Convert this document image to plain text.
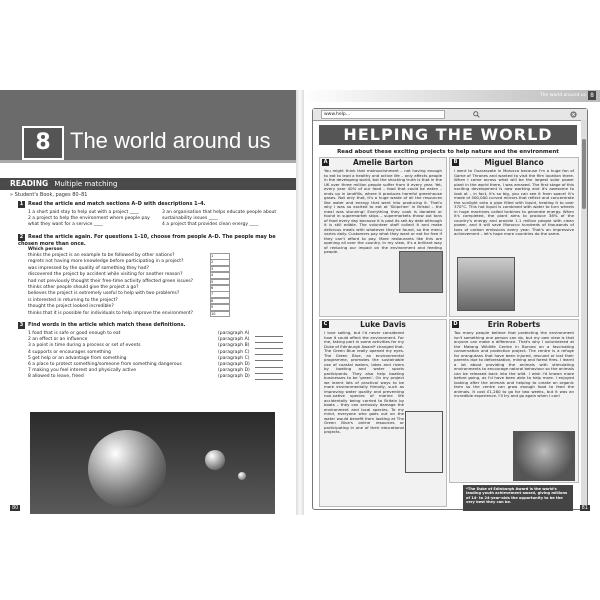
8 The world around us
READING Multiple matching
» Student's Book, pages 80–81
1 Read the article and match sections A–D with descriptions 1–4.
1 a short paid stay to help out with a project ____
2 a project to help the environment where people pay what they want for a service ____
3 an organisation that helps educate people about sustainability issues ____
4 a project that provides clean energy ____
2 Read the article again. For questions 1–10, choose from people A–D. The people may be chosen more than once.
Which person
thinks the project is an example to be followed by other nations?	1
regrets not having more knowledge before participating in a project?	2
was impressed by the quality of something they had?	3
discovered the project by accident while visiting for another reason?	4
had not previously thought their free-time activity affected green issues?	5
thinks other people should give the project a go?	6
believes the project is extremely useful to help with two problems?	7
is interested in returning to the project?	8
thought the project looked incredible?	9
thinks that it is possible for individuals to help improve the environment?	10
3 Find words in the article which match these definitions.
1 food that is safe or good enough to eat	(paragraph A)
2 an effect or an influence	(paragraph A)
3 a point in time during a process or set of events	(paragraph B)
4 supports or encourages something	(paragraph C)
5 get help or an advantage from something	(paragraph C)
6 a place to protect something/someone from something dangerous	(paragraph D)
7 making you feel interest and physically active	(paragraph D)
8 allowed to leave, freed	(paragraph D)
80
The world around us 8
www.help...
HELPING THE WORLD
Read about these exciting projects to help nature and the environment
A	Amelie Barton

You might think that malnourishment – not having enough to eat to lead a healthy and active life – only affects people in the developing world, but the shocking truth is that in the UK over three million people suffer from it every year. Yet, every year 40% of our food – food that could be eaten – ends up in landfills, where it produces harmful greenhouse gases. Not only that, it's a huge waste of all the resources like water and energy that went into producing it. That's why I was so excited to eat at 'Skipchen' in Bristol – the meal was stunning! Everything they cook is donated or found in supermarket skips – supermarkets throw out tons of food every day because it is past its sell-by date although it is still edible. The volunteer staff collect it and make delicious meals with whatever they've found, so the menu varies daily. Customers pay what they want or eat for free if they can't afford to pay. More restaurants like this are opening all over the country. In my view, it's a brilliant way of reducing our impact on the environment and feeding people.

B	Miguel Blanco

I went to Ouarzazate in Morocco because I'm a huge fan of Game of Thrones and wanted to visit the film location there. When I came across what will be the largest solar power plant in the world there, I was amazed. The first stage of this exciting development is now working and it's awesome to look at – in fact, it's so big, you can see it from space! It's made of 500,000 curved mirrors that reflect and concentrate the sunlight onto a pipe filled with liquid, heating it to over 370°C. This hot liquid is combined with water to turn wheels in huge machines called turbines to generate energy. When it's completed, the plant aims to produce 38% of the country's energy and provide 1.1 million people with clean power, and it will save Morocco hundreds of thousands of tons of carbon emissions every year. That's an impressive achievement – let's hope more countries do the same.

C	Luke Davis

I love sailing, but I'd never considered how it could affect the environment. For me, taking part in some activities for my Duke of Edinburgh Award* changed that. The Green Blue really opened my eyes. The Green Blue, an environmental programme, promotes the sustainable use of coastal waters, lakes and rivers by boating and water sports participants. They also help boating businesses to be 'green'. On my project we learnt lots of practical ways to be more environmentally friendly, such as improving water quality and preventing non-native species of marine life accidentally being carried to Britain by boats – they can seriously damage the environment and local species. To my mind, everyone who goes out on the water would benefit from looking at The Green Blue's online resources or participating in one of their educational projects.

D	Erin Roberts

Too many people believe that protecting the environment isn't something one person can do, but my own view is that anyone can make a difference. That's why I volunteered at the Matang Wildlife Centre in Borneo on a fascinating conservation and protection project. The centre is a refuge for orangutans that have been injured, rescued or lost their parents due to deforestation, mining and forest fires. I learnt a lot about providing the animals with stimulating environments to encourage natural behaviour so the animals can be released back into the wild. I wish I'd known more before going, as I'd have been able to help more. I enjoyed looking after the animals and helping to create an organic farm so the centre can grow enough food to feed the animals. It cost £1,280 to go for two weeks, but it was an incredible experience. I'll try and go again when I can!

*The Duke of Edinburgh Award is the world's leading youth achievement award, giving millions of 14- to 24-year-olds the opportunity to be the very best they can be.
81
